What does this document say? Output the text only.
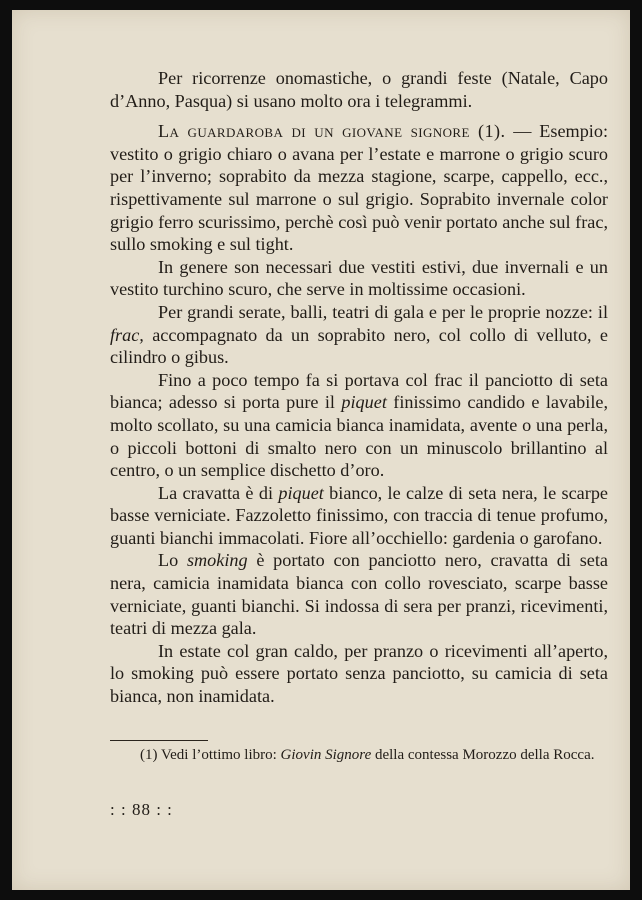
Per ricorrenze onomastiche, o grandi feste (Natale, Capo d’Anno, Pasqua) si usano molto ora i telegrammi.

La guardaroba di un giovane signore (1). — Esempio: vestito o grigio chiaro o avana per l’estate e marrone o grigio scuro per l’inverno; soprabito da mezza stagione, scarpe, cappello, ecc., rispettivamente sul marrone o sul grigio. Soprabito invernale color grigio ferro scurissimo, perchè così può venir portato anche sul frac, sullo smoking e sul tight.

In genere son necessari due vestiti estivi, due invernali e un vestito turchino scuro, che serve in moltissime occasioni.

Per grandi serate, balli, teatri di gala e per le proprie nozze: il frac, accompagnato da un soprabito nero, col collo di velluto, e cilindro o gibus.

Fino a poco tempo fa si portava col frac il panciotto di seta bianca; adesso si porta pure il piquet finissimo candido e lavabile, molto scollato, su una camicia bianca inamidata, avente o una perla, o piccoli bottoni di smalto nero con un minuscolo brillantino al centro, o un semplice dischetto d’oro.

La cravatta è di piquet bianco, le calze di seta nera, le scarpe basse verniciate. Fazzoletto finissimo, con traccia di tenue profumo, guanti bianchi immacolati. Fiore all’occhiello: gardenia o garofano.

Lo smoking è portato con panciotto nero, cravatta di seta nera, camicia inamidata bianca con collo rovesciato, scarpe basse verniciate, guanti bianchi. Si indossa di sera per pranzi, ricevimenti, teatri di mezza gala.

In estate col gran caldo, per pranzo o ricevimenti all’aperto, lo smoking può essere portato senza panciotto, su camicia di seta bianca, non inamidata.

(1) Vedi l’ottimo libro: Giovin Signore della contessa Morozzo della Rocca.

: : 88 : :
